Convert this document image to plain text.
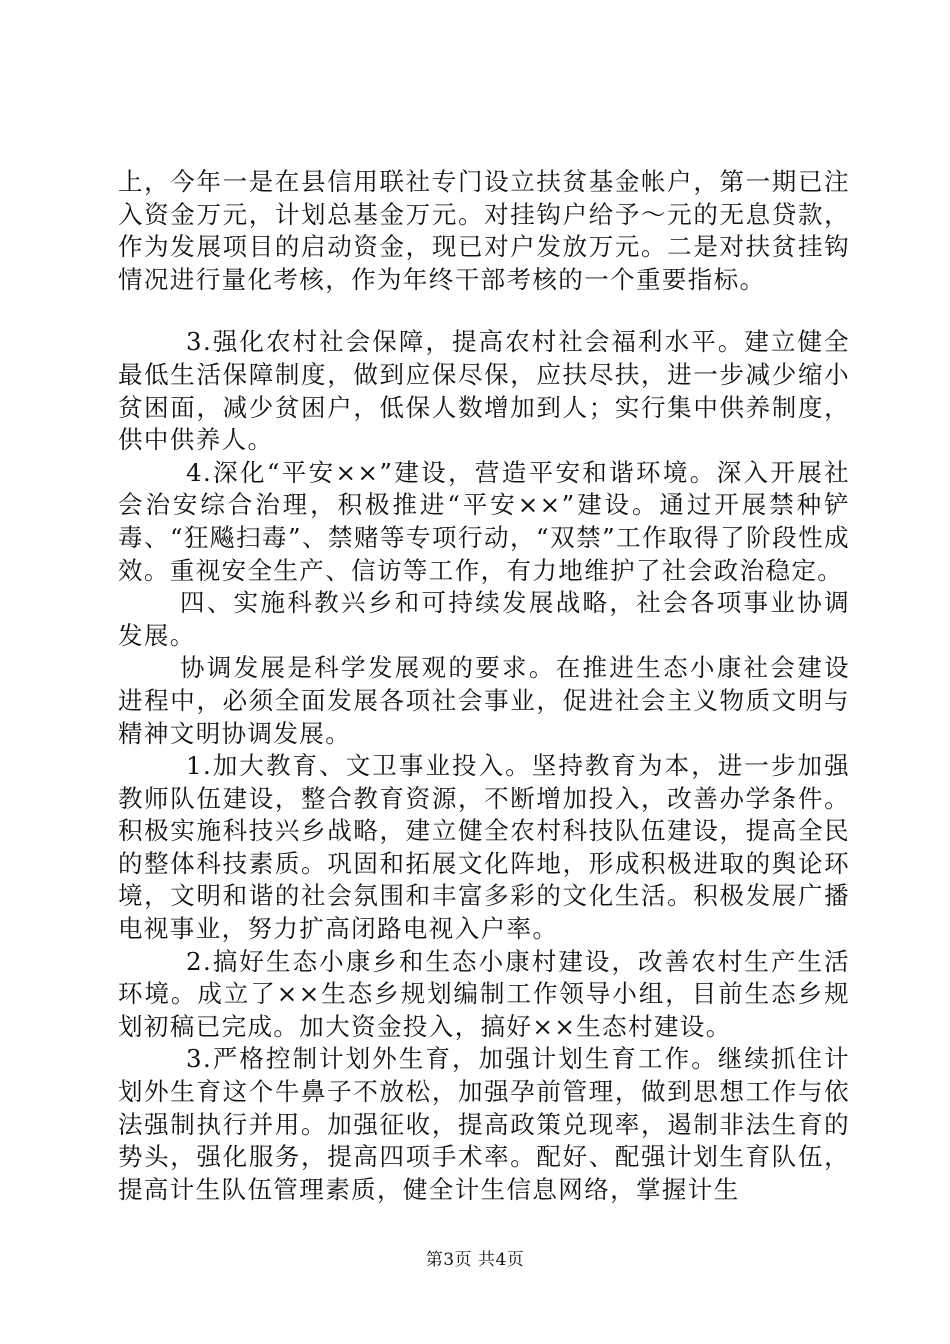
上，今年一是在县信用联社专门设立扶贫基金帐户，第一期已注入资金万元，计划总基金万元。对挂钩户给予～元的无息贷款，作为发展项目的启动资金，现已对户发放万元。二是对扶贫挂钩情况进行量化考核，作为年终干部考核的一个重要指标。

3.强化农村社会保障，提高农村社会福利水平。建立健全最低生活保障制度，做到应保尽保，应扶尽扶，进一步减少缩小贫困面，减少贫困户，低保人数增加到人；实行集中供养制度，供中供养人。

4.深化“平安××”建设，营造平安和谐环境。深入开展社会治安综合治理，积极推进“平安××”建设。通过开展禁种铲毒、“狂飚扫毒”、禁赌等专项行动，“双禁”工作取得了阶段性成效。重视安全生产、信访等工作，有力地维护了社会政治稳定。

四、实施科教兴乡和可持续发展战略，社会各项事业协调发展。

协调发展是科学发展观的要求。在推进生态小康社会建设进程中，必须全面发展各项社会事业，促进社会主义物质文明与精神文明协调发展。

1.加大教育、文卫事业投入。坚持教育为本，进一步加强教师队伍建设，整合教育资源，不断增加投入，改善办学条件。积极实施科技兴乡战略，建立健全农村科技队伍建设，提高全民的整体科技素质。巩固和拓展文化阵地，形成积极进取的舆论环境，文明和谐的社会氛围和丰富多彩的文化生活。积极发展广播电视事业，努力扩高闭路电视入户率。

2.搞好生态小康乡和生态小康村建设，改善农村生产生活环境。成立了××生态乡规划编制工作领导小组，目前生态乡规划初稿已完成。加大资金投入，搞好××生态村建设。

3.严格控制计划外生育，加强计划生育工作。继续抓住计划外生育这个牛鼻子不放松，加强孕前管理，做到思想工作与依法强制执行并用。加强征收，提高政策兑现率，遏制非法生育的势头，强化服务，提高四项手术率。配好、配强计划生育队伍，提高计生队伍管理素质，健全计生信息网络，掌握计生

第3页 共4页
